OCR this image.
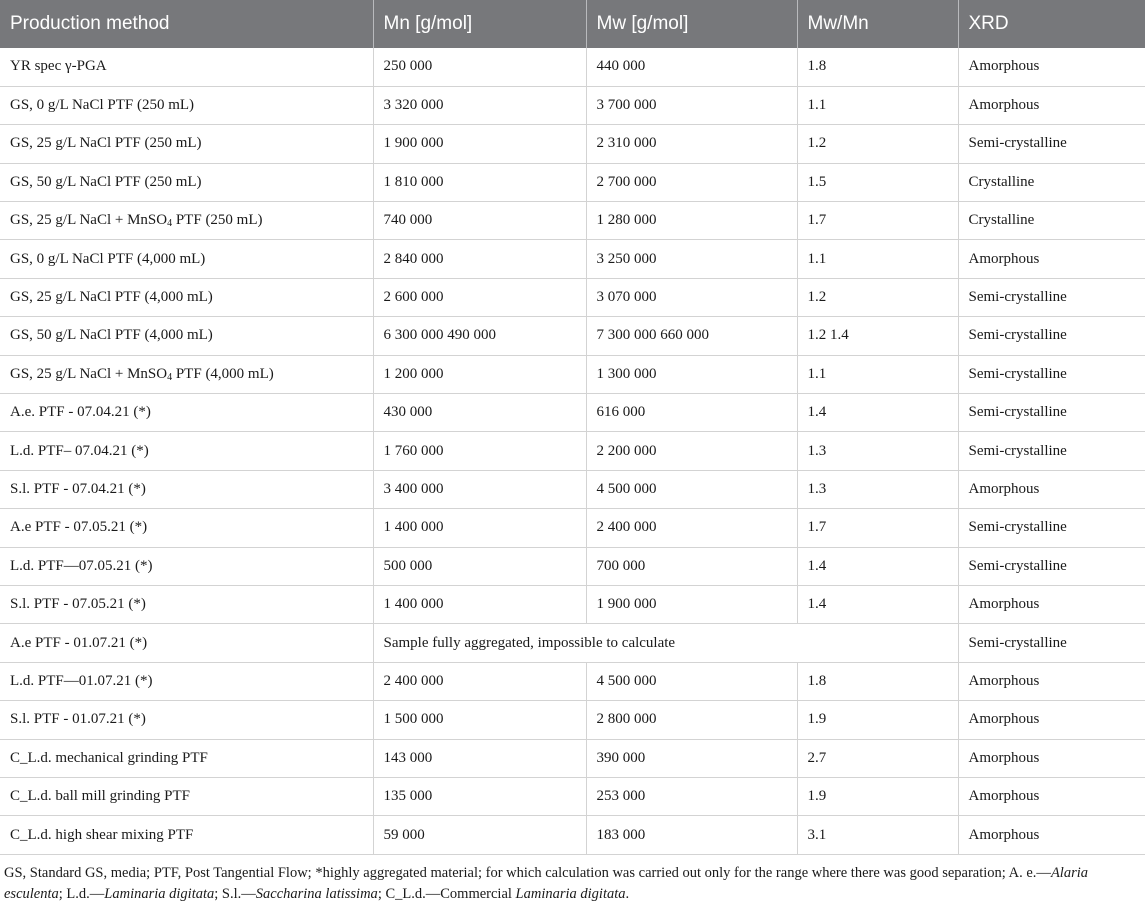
Production method	Mn [g/mol]	Mw [g/mol]	Mw/Mn	XRD
YR spec γ-PGA	250 000	440 000	1.8	Amorphous
GS, 0 g/L NaCl PTF (250 mL)	3 320 000	3 700 000	1.1	Amorphous
GS, 25 g/L NaCl PTF (250 mL)	1 900 000	2 310 000	1.2	Semi-crystalline
GS, 50 g/L NaCl PTF (250 mL)	1 810 000	2 700 000	1.5	Crystalline
GS, 25 g/L NaCl + MnSO$_4$ PTF (250 mL)	740 000	1 280 000	1.7	Crystalline
GS, 0 g/L NaCl PTF (4,000 mL)	2 840 000	3 250 000	1.1	Amorphous
GS, 25 g/L NaCl PTF (4,000 mL)	2 600 000	3 070 000	1.2	Semi-crystalline
GS, 50 g/L NaCl PTF (4,000 mL)	6 300 000 490 000	7 300 000 660 000	1.2 1.4	Semi-crystalline
GS, 25 g/L NaCl + MnSO$_4$ PTF (4,000 mL)	1 200 000	1 300 000	1.1	Semi-crystalline
A.e. PTF - 07.04.21 (*)	430 000	616 000	1.4	Semi-crystalline
L.d. PTF– 07.04.21 (*)	1 760 000	2 200 000	1.3	Semi-crystalline
S.l. PTF - 07.04.21 (*)	3 400 000	4 500 000	1.3	Amorphous
A.e PTF - 07.05.21 (*)	1 400 000	2 400 000	1.7	Semi-crystalline
L.d. PTF—07.05.21 (*)	500 000	700 000	1.4	Semi-crystalline
S.l. PTF - 07.05.21 (*)	1 400 000	1 900 000	1.4	Amorphous
A.e PTF - 01.07.21 (*)	Sample fully aggregated, impossible to calculate			Semi-crystalline
L.d. PTF—01.07.21 (*)	2 400 000	4 500 000	1.8	Amorphous
S.l. PTF - 01.07.21 (*)	1 500 000	2 800 000	1.9	Amorphous
C_L.d. mechanical grinding PTF	143 000	390 000	2.7	Amorphous
C_L.d. ball mill grinding PTF	135 000	253 000	1.9	Amorphous
C_L.d. high shear mixing PTF	59 000	183 000	3.1	Amorphous
GS, Standard GS, media; PTF, Post Tangential Flow; *highly aggregated material; for which calculation was carried out only for the range where there was good separation; A. e.—Alaria esculenta; L.d.—Laminaria digitata; S.l.—Saccharina latissima; C_L.d.—Commercial Laminaria digitata.
